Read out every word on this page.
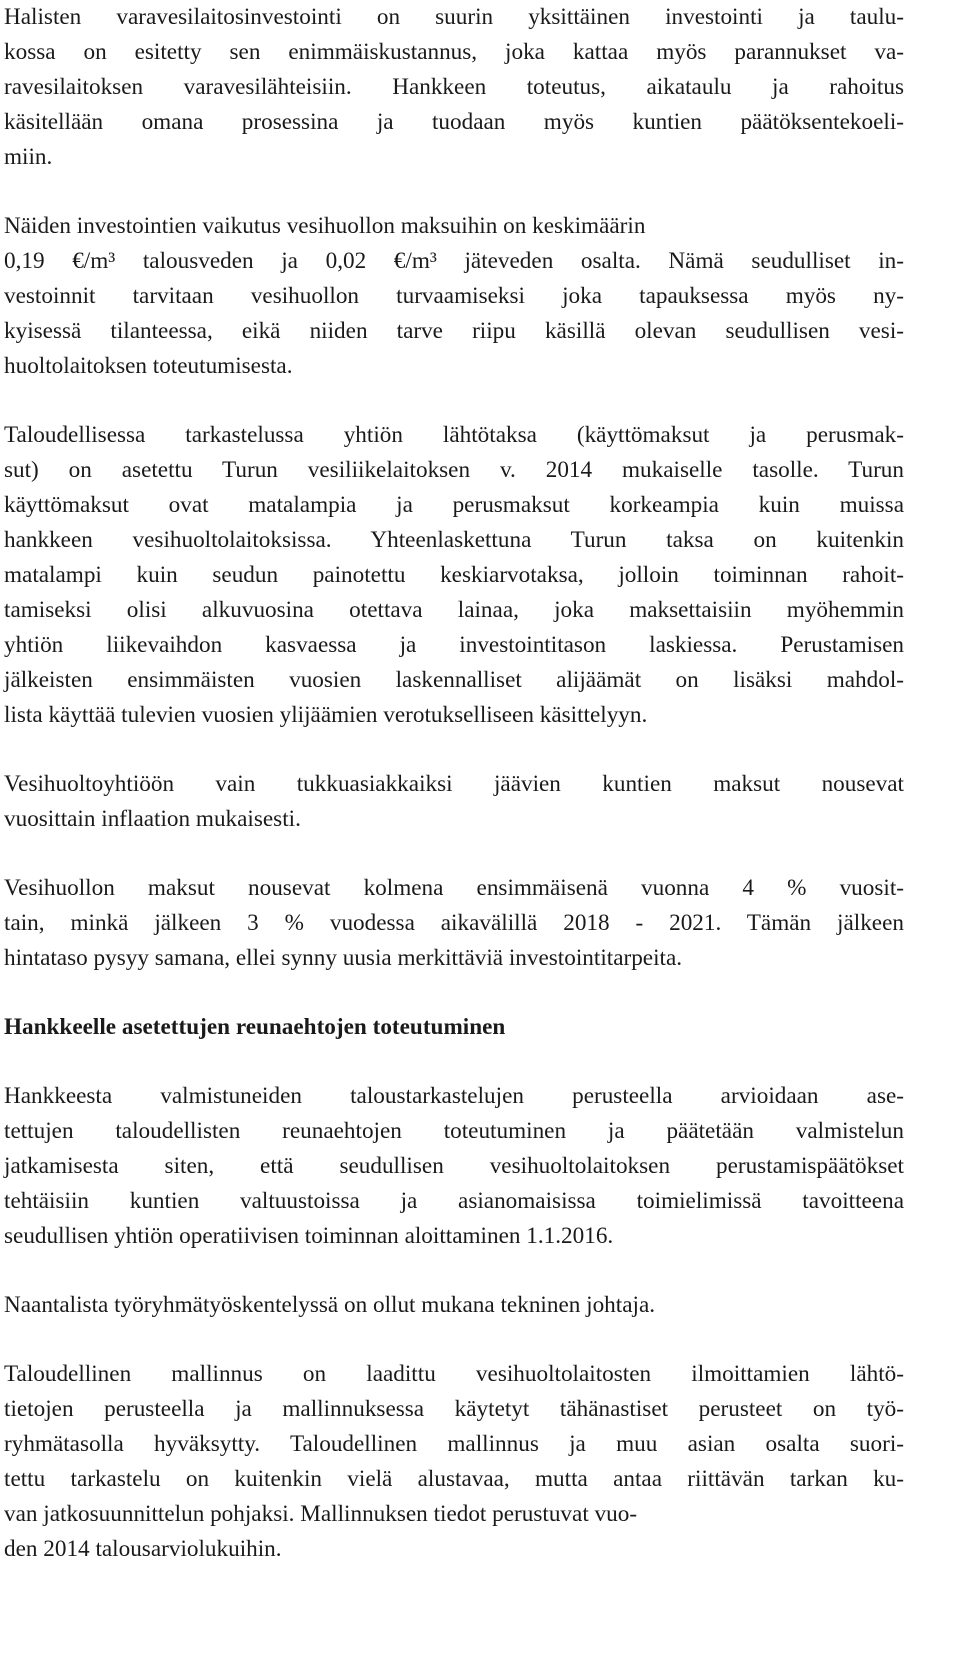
Halisten varavesilaitosinvestointi on suurin yksittäinen investointi ja taulu-
kossa on esitetty sen enimmäiskustannus, joka kattaa myös parannukset va-
ravesilaitoksen varavesilähteisiin. Hankkeen toteutus, aikataulu ja rahoitus
käsitellään omana prosessina ja tuodaan myös kuntien päätöksentekoeli-
miin.
Näiden investointien vaikutus vesihuollon maksuihin on keskimäärin
0,19 €/m³ talousveden ja 0,02 €/m³ jäteveden osalta. Nämä seudulliset in-
vestoinnit tarvitaan vesihuollon turvaamiseksi joka tapauksessa myös ny-
kyisessä tilanteessa, eikä niiden tarve riipu käsillä olevan seudullisen vesi-
huoltolaitoksen toteutumisesta.
Taloudellisessa tarkastelussa yhtiön lähtötaksa (käyttömaksut ja perusmak-
sut) on asetettu Turun vesiliikelaitoksen v. 2014 mukaiselle tasolle. Turun
käyttömaksut ovat matalampia ja perusmaksut korkeampia kuin muissa
hankkeen vesihuoltolaitoksissa. Yhteenlaskettuna Turun taksa on kuitenkin
matalampi kuin seudun painotettu keskiarvotaksa, jolloin toiminnan rahoit-
tamiseksi olisi alkuvuosina otettava lainaa, joka maksettaisiin myöhemmin
yhtiön liikevaihdon kasvaessa ja investointitason laskiessa. Perustamisen
jälkeisten ensimmäisten vuosien laskennalliset alijäämät on lisäksi mahdol-
lista käyttää tulevien vuosien ylijäämien verotukselliseen käsittelyyn.
Vesihuoltoyhtiöön vain tukkuasiakkaiksi jäävien kuntien maksut nousevat
vuosittain inflaation mukaisesti.
Vesihuollon maksut nousevat kolmena ensimmäisenä vuonna 4 % vuosit-
tain, minkä jälkeen 3 % vuodessa aikavälillä 2018 - 2021. Tämän jälkeen
hintataso pysyy samana, ellei synny uusia merkittäviä investointitarpeita.
Hankkeelle asetettujen reunaehtojen toteutuminen
Hankkeesta valmistuneiden taloustarkastelujen perusteella arvioidaan ase-
tettujen taloudellisten reunaehtojen toteutuminen ja päätetään valmistelun
jatkamisesta siten, että seudullisen vesihuoltolaitoksen perustamispäätökset
tehtäisiin kuntien valtuustoissa ja asianomaisissa toimielimissä tavoitteena
seudullisen yhtiön operatiivisen toiminnan aloittaminen 1.1.2016.
Naantalista työryhmätyöskentelyssä on ollut mukana tekninen johtaja.
Taloudellinen mallinnus on laadittu vesihuoltolaitosten ilmoittamien lähtö-
tietojen perusteella ja mallinnuksessa käytetyt tähänastiset perusteet on työ-
ryhmätasolla hyväksytty. Taloudellinen mallinnus ja muu asian osalta suori-
tettu tarkastelu on kuitenkin vielä alustavaa, mutta antaa riittävän tarkan ku-
van jatkosuunnittelun pohjaksi. Mallinnuksen tiedot perustuvat vuo-
den 2014 talousarviolukuihin.
